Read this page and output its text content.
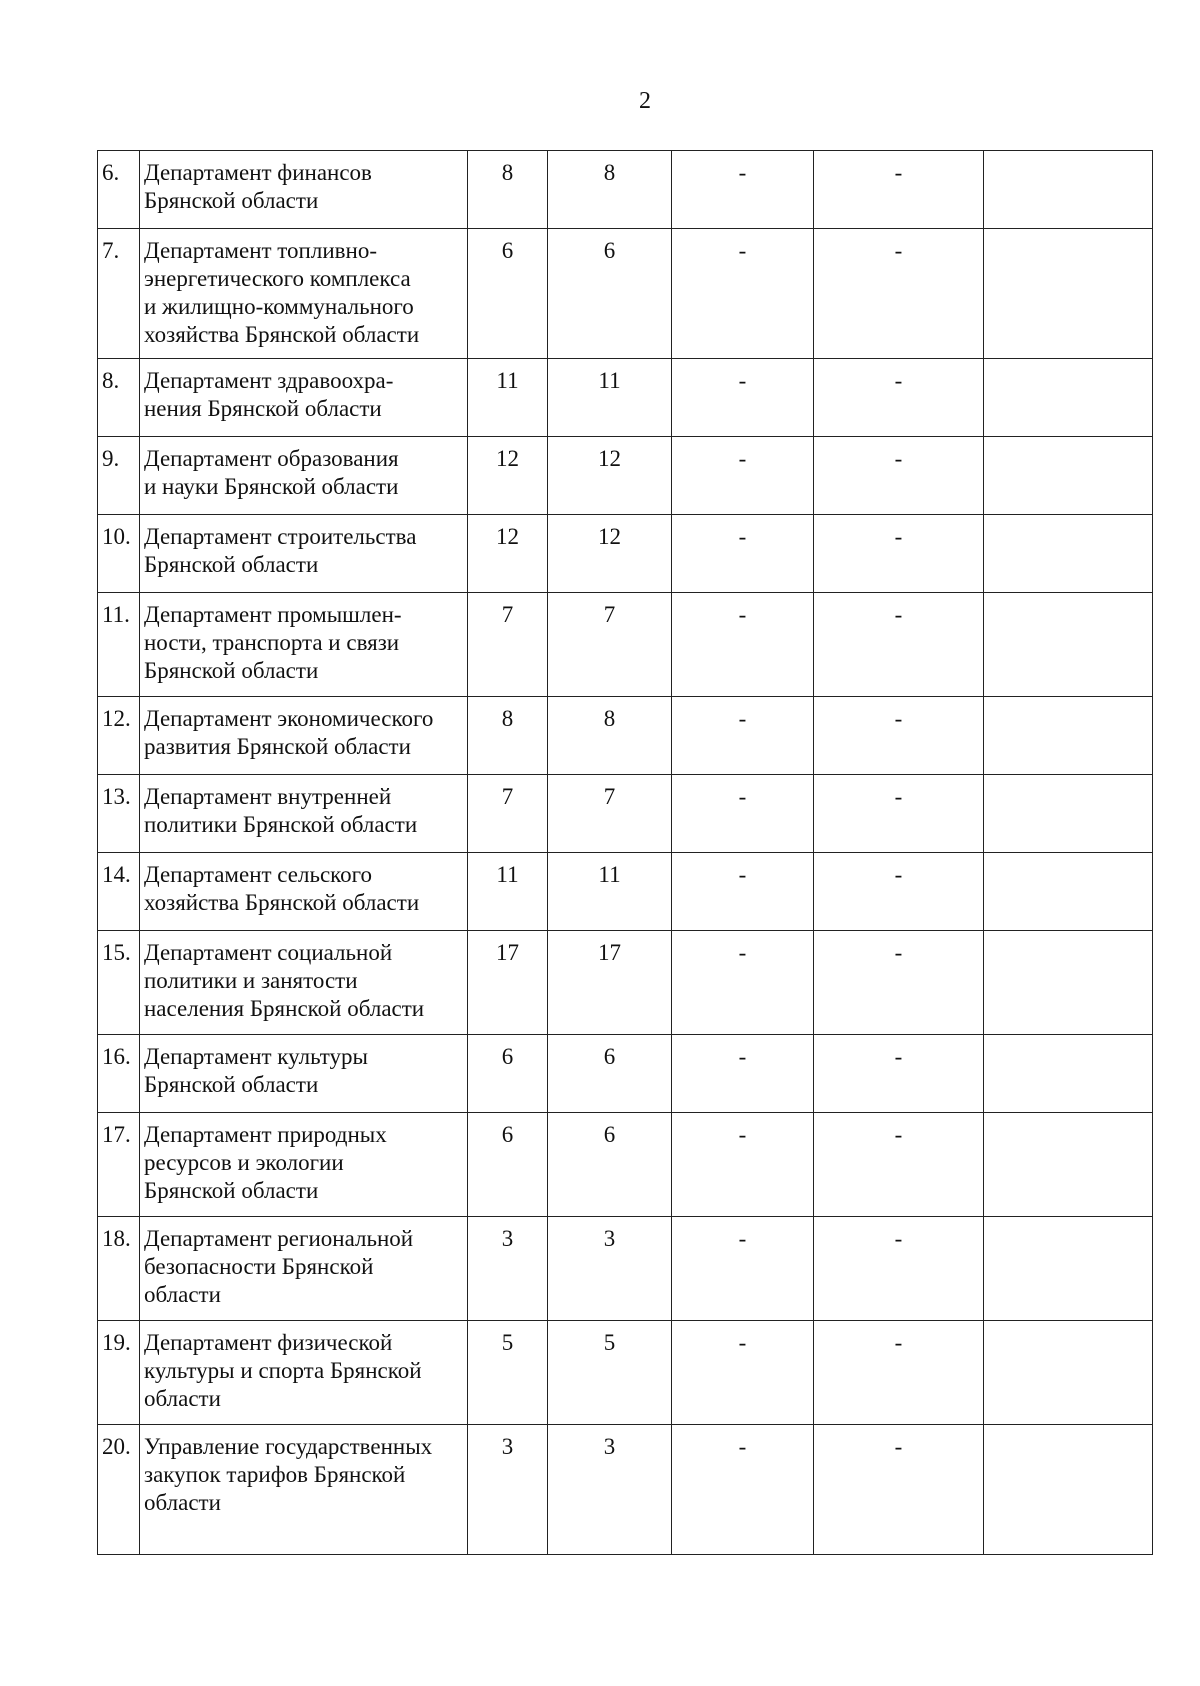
2
6.	Департамент финансов
Брянской области	8	8	-	-	
7.	Департамент топливно-
энергетического комплекса
и жилищно-коммунального
хозяйства Брянской области	6	6	-	-	
8.	Департамент здравоохра-
нения Брянской области	11	11	-	-	
9.	Департамент образования
и науки Брянской области	12	12	-	-	
10.	Департамент строительства
Брянской области	12	12	-	-	
11.	Департамент промышлен-
ности, транспорта и связи
Брянской области	7	7	-	-	
12.	Департамент экономического
развития Брянской области	8	8	-	-	
13.	Департамент внутренней
политики Брянской области	7	7	-	-	
14.	Департамент сельского
хозяйства Брянской области	11	11	-	-	
15.	Департамент социальной
политики и занятости
населения Брянской области	17	17	-	-	
16.	Департамент культуры
Брянской области	6	6	-	-	
17.	Департамент природных
ресурсов и экологии
Брянской области	6	6	-	-	
18.	Департамент региональной
безопасности Брянской
области	3	3	-	-	
19.	Департамент физической
культуры и спорта Брянской
области	5	5	-	-	
20.	Управление государственных
закупок тарифов Брянской
области	3	3	-	-	
